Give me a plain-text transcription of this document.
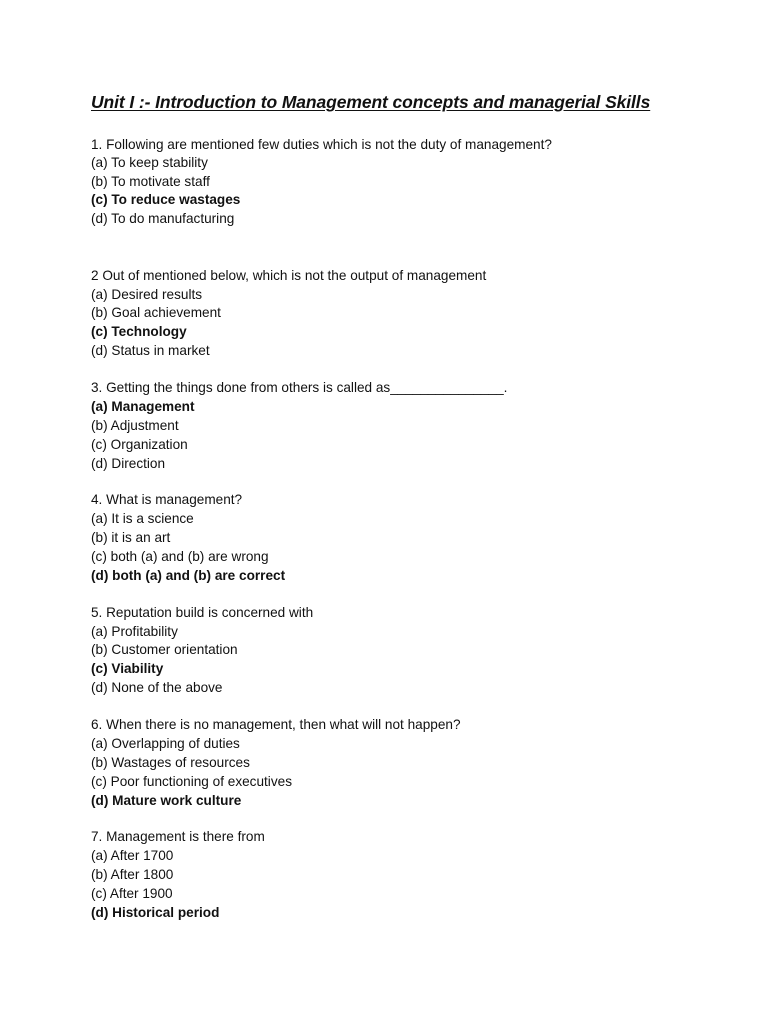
Unit I :- Introduction to Management concepts and managerial Skills
1. Following are mentioned few duties which is not the duty of management?
(a) To keep stability
(b) To motivate staff
(c) To reduce wastages
(d) To do manufacturing
2 Out of mentioned below, which is not the output of management
(a) Desired results
(b) Goal achievement
(c) Technology
(d) Status in market
3. Getting the things done from others is called as_______________.
(a) Management
(b) Adjustment
(c) Organization
(d) Direction
4. What is management?
(a) It is a science
(b) it is an art
(c) both (a) and (b) are wrong
(d) both (a) and (b) are correct
5. Reputation build is concerned with
(a) Profitability
(b) Customer orientation
(c) Viability
(d) None of the above
6. When there is no management, then what will not happen?
(a) Overlapping of duties
(b) Wastages of resources
(c) Poor functioning of executives
(d) Mature work culture
7. Management is there from
(a) After 1700
(b) After 1800
(c) After 1900
(d) Historical period
